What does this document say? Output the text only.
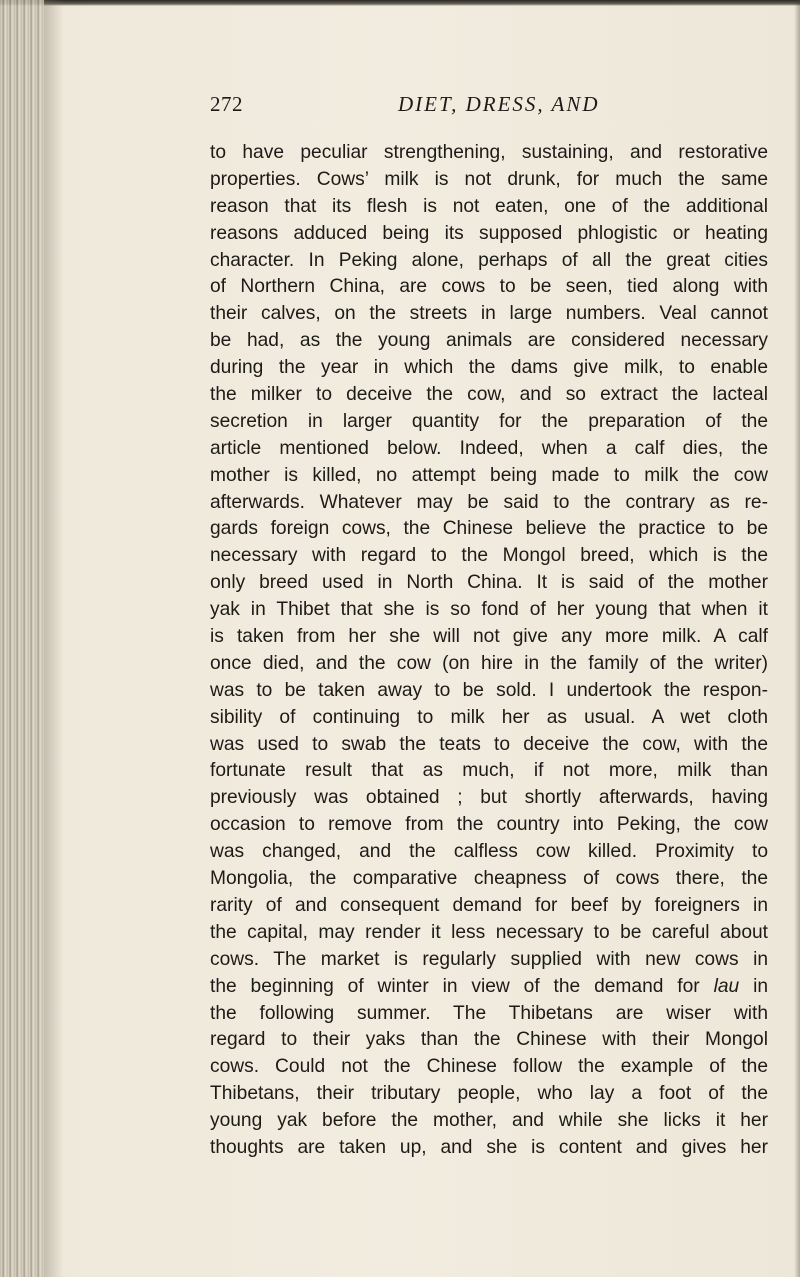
272	DIET, DRESS, AND
to have peculiar strengthening, sustaining, and restorative
properties. Cows’ milk is not drunk, for much the same
reason that its flesh is not eaten, one of the additional
reasons adduced being its supposed phlogistic or heating
character. In Peking alone, perhaps of all the great cities
of Northern China, are cows to be seen, tied along with
their calves, on the streets in large numbers. Veal cannot
be had, as the young animals are considered necessary
during the year in which the dams give milk, to enable
the milker to deceive the cow, and so extract the lacteal
secretion in larger quantity for the preparation of the
article mentioned below. Indeed, when a calf dies, the
mother is killed, no attempt being made to milk the cow
afterwards. Whatever may be said to the contrary as re-
gards foreign cows, the Chinese believe the practice to be
necessary with regard to the Mongol breed, which is the
only breed used in North China. It is said of the mother
yak in Thibet that she is so fond of her young that when it
is taken from her she will not give any more milk. A calf
once died, and the cow (on hire in the family of the writer)
was to be taken away to be sold. I undertook the respon-
sibility of continuing to milk her as usual. A wet cloth
was used to swab the teats to deceive the cow, with the
fortunate result that as much, if not more, milk than
previously was obtained ; but shortly afterwards, having
occasion to remove from the country into Peking, the cow
was changed, and the calfless cow killed. Proximity to
Mongolia, the comparative cheapness of cows there, the
rarity of and consequent demand for beef by foreigners in
the capital, may render it less necessary to be careful about
cows. The market is regularly supplied with new cows in
the beginning of winter in view of the demand for lau in
the following summer. The Thibetans are wiser with
regard to their yaks than the Chinese with their Mongol
cows. Could not the Chinese follow the example of the
Thibetans, their tributary people, who lay a foot of the
young yak before the mother, and while she licks it her
thoughts are taken up, and she is content and gives her
